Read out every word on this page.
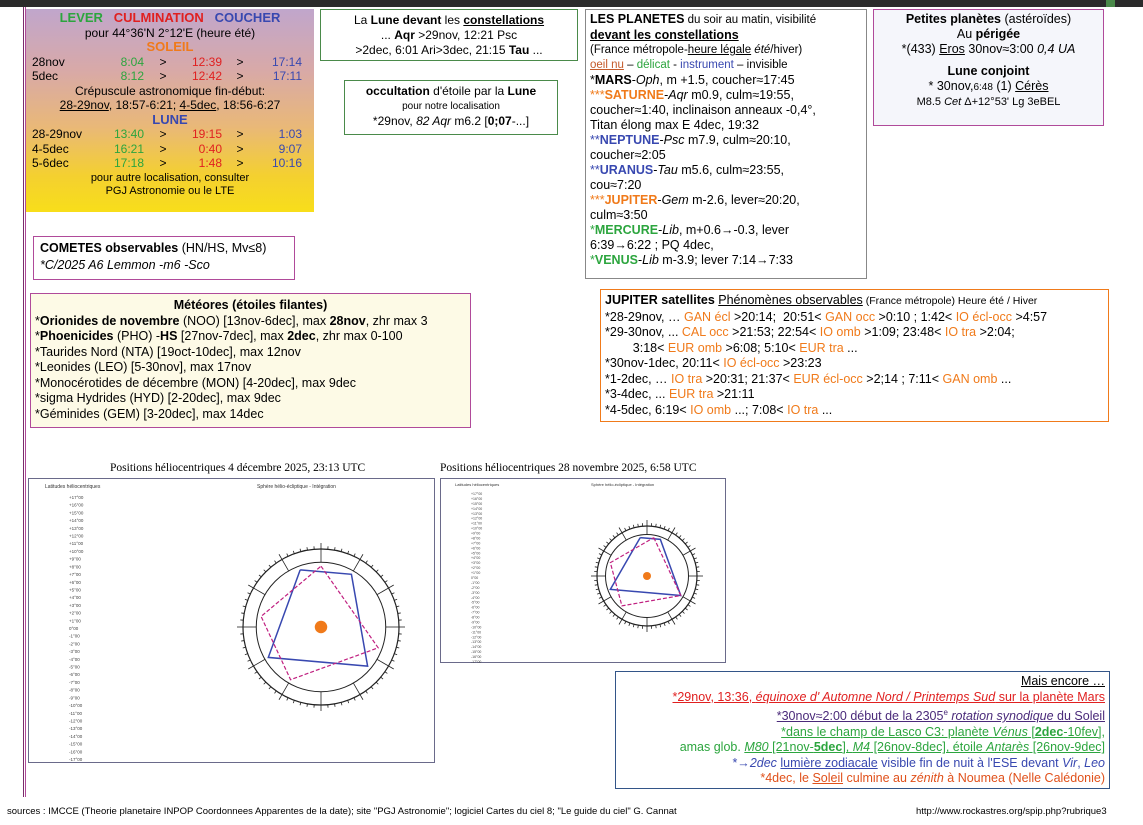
LEVER CULMINATION COUCHER
pour 44°36'N 2°12'E (heure été)
SOLEIL
28nov	8:04	>	12:39	>	17:14
5dec	8:12	>	12:42	>	17:11
Crépuscule astronomique fin-début:
28-29nov, 18:57-6:21; 4-5dec, 18:56-6:27
LUNE
28-29nov	13:40	>	19:15	>	1:03
4-5dec	16:21	>	0:40	>	9:07
5-6dec	17:18	>	1:48	>	10:16
pour autre localisation, consulter
PGJ Astronomie ou le LTE
La Lune devant les constellations
... Aqr >29nov, 12:21 Psc
>2dec, 6:01 Ari>3dec, 21:15 Tau ...
occultation d'étoile par la Lune
pour notre localisation
*29nov, 82 Aqr m6.2 [0;07-...]
LES PLANETES du soir au matin, visibilité
devant les constellations
(France métropole-heure légale été/hiver)
oeil nu – délicat - instrument – invisible
*MARS-Oph, m +1.5, coucher≈17:45
***SATURNE-Aqr m0.9, culm≈19:55,
coucher≈1:40, inclinaison anneaux -0,4°,
Titan élong max E 4dec, 19:32
**NEPTUNE-Psc m7.9, culm≈20:10,
coucher≈2:05
**URANUS-Tau m5.6, culm≈23:55,
cou≈7:20
***JUPITER-Gem m-2.6, lever≈20:20,
culm≈3:50
*MERCURE-Lib, m+0.6→-0.3, lever
6:39→6:22 ; PQ 4dec,
*VENUS-Lib m-3.9; lever 7:14→7:33
Petites planètes (astéroïdes)
Au périgée
*(433) Eros 30nov≈3:00 0,4 UA
Lune conjoint
* 30nov,6:48 (1) Cérès
M8.5 Cet Δ+12°53' Lg 3eBEL
COMETES observables (HN/HS, Mv≤8)
*C/2025 A6 Lemmon -m6 -Sco
Météores (étoiles filantes)
*Orionides de novembre (NOO) [13nov-6dec], max 28nov, zhr max 3
*Phoenicides (PHO) -HS [27nov-7dec], max 2dec, zhr max 0-100
*Taurides Nord (NTA) [19oct-10dec], max 12nov
*Leonides (LEO) [5-30nov], max 17nov
*Monocérotides de décembre (MON) [4-20dec], max 9dec
*sigma Hydrides (HYD) [2-20dec], max 9dec
*Géminides (GEM) [3-20dec], max 14dec
JUPITER satellites Phénomènes observables (France métropole) Heure été / Hiver
*28-29nov, … GAN écl >20:14;  20:51< GAN occ >0:10 ; 1:42< IO écl-occ >4:57
*29-30nov, ... CAL occ >21:53; 22:54< IO omb >1:09; 23:48< IO tra >2:04;
3:18< EUR omb >6:08; 5:10< EUR tra ...
*30nov-1dec, 20:11< IO écl-occ >23:23
*1-2dec, … IO tra >20:31; 21:37< EUR écl-occ >2;14 ; 7:11< GAN omb ...
*3-4dec, ... EUR tra >21:11
*4-5dec, 6:19< IO omb ...; 7:08< IO tra ...
Positions héliocentriques 4 décembre 2025, 23:13 UTC
Latitudes héliocentriques	Sphère hélio-écliptique - Intégration
+17°00
+16°00
+15°00
+14°00
+13°00
+12°00
+11°00
+10°00
+9°00
+8°00
+7°00
+6°00
+5°00
+4°00
+3°00
+2°00
+1°00
0°00
-1°00
-2°00
-3°00
-4°00
-5°00
-6°00
-7°00
-8°00
-9°00
-10°00
-11°00
-12°00
-13°00
-14°00
-15°00
-16°00
-17°00
Positions héliocentriques 28 novembre 2025, 6:58 UTC
Latitudes héliocentriques	Sphère hélio-écliptique - Intégration
+17°00
+16°00
+15°00
+14°00
+13°00
+12°00
+11°00
+10°00
+9°00
+8°00
+7°00
+6°00
+5°00
+4°00
+3°00
+2°00
+1°00
0°00
-1°00
-2°00
-3°00
-4°00
-5°00
-6°00
-7°00
-8°00
-9°00
-10°00
-11°00
-12°00
-13°00
-14°00
-15°00
-16°00
-17°00
Mais encore …
*29nov, 13:36, équinoxe d' Automne Nord / Printemps Sud sur la planète Mars
*30nov≈2:00 début de la 2305e rotation synodique du Soleil
*dans le champ de Lasco C3: planète Vénus [2dec-10fev],
amas glob. M80 [21nov-5dec], M4 [26nov-8dec], étoile Antarès [26nov-9dec]
*→2dec lumière zodiacale visible fin de nuit à l'ESE devant Vir, Leo
*4dec, le Soleil culmine au zénith à Noumea (Nelle Calédonie)
sources : IMCCE (Theorie planetaire INPOP Coordonnees Apparentes de la date); site "PGJ Astronomie"; logiciel Cartes du ciel 8; "Le guide du ciel" G. Cannat	http://www.rockastres.org/spip.php?rubrique3
